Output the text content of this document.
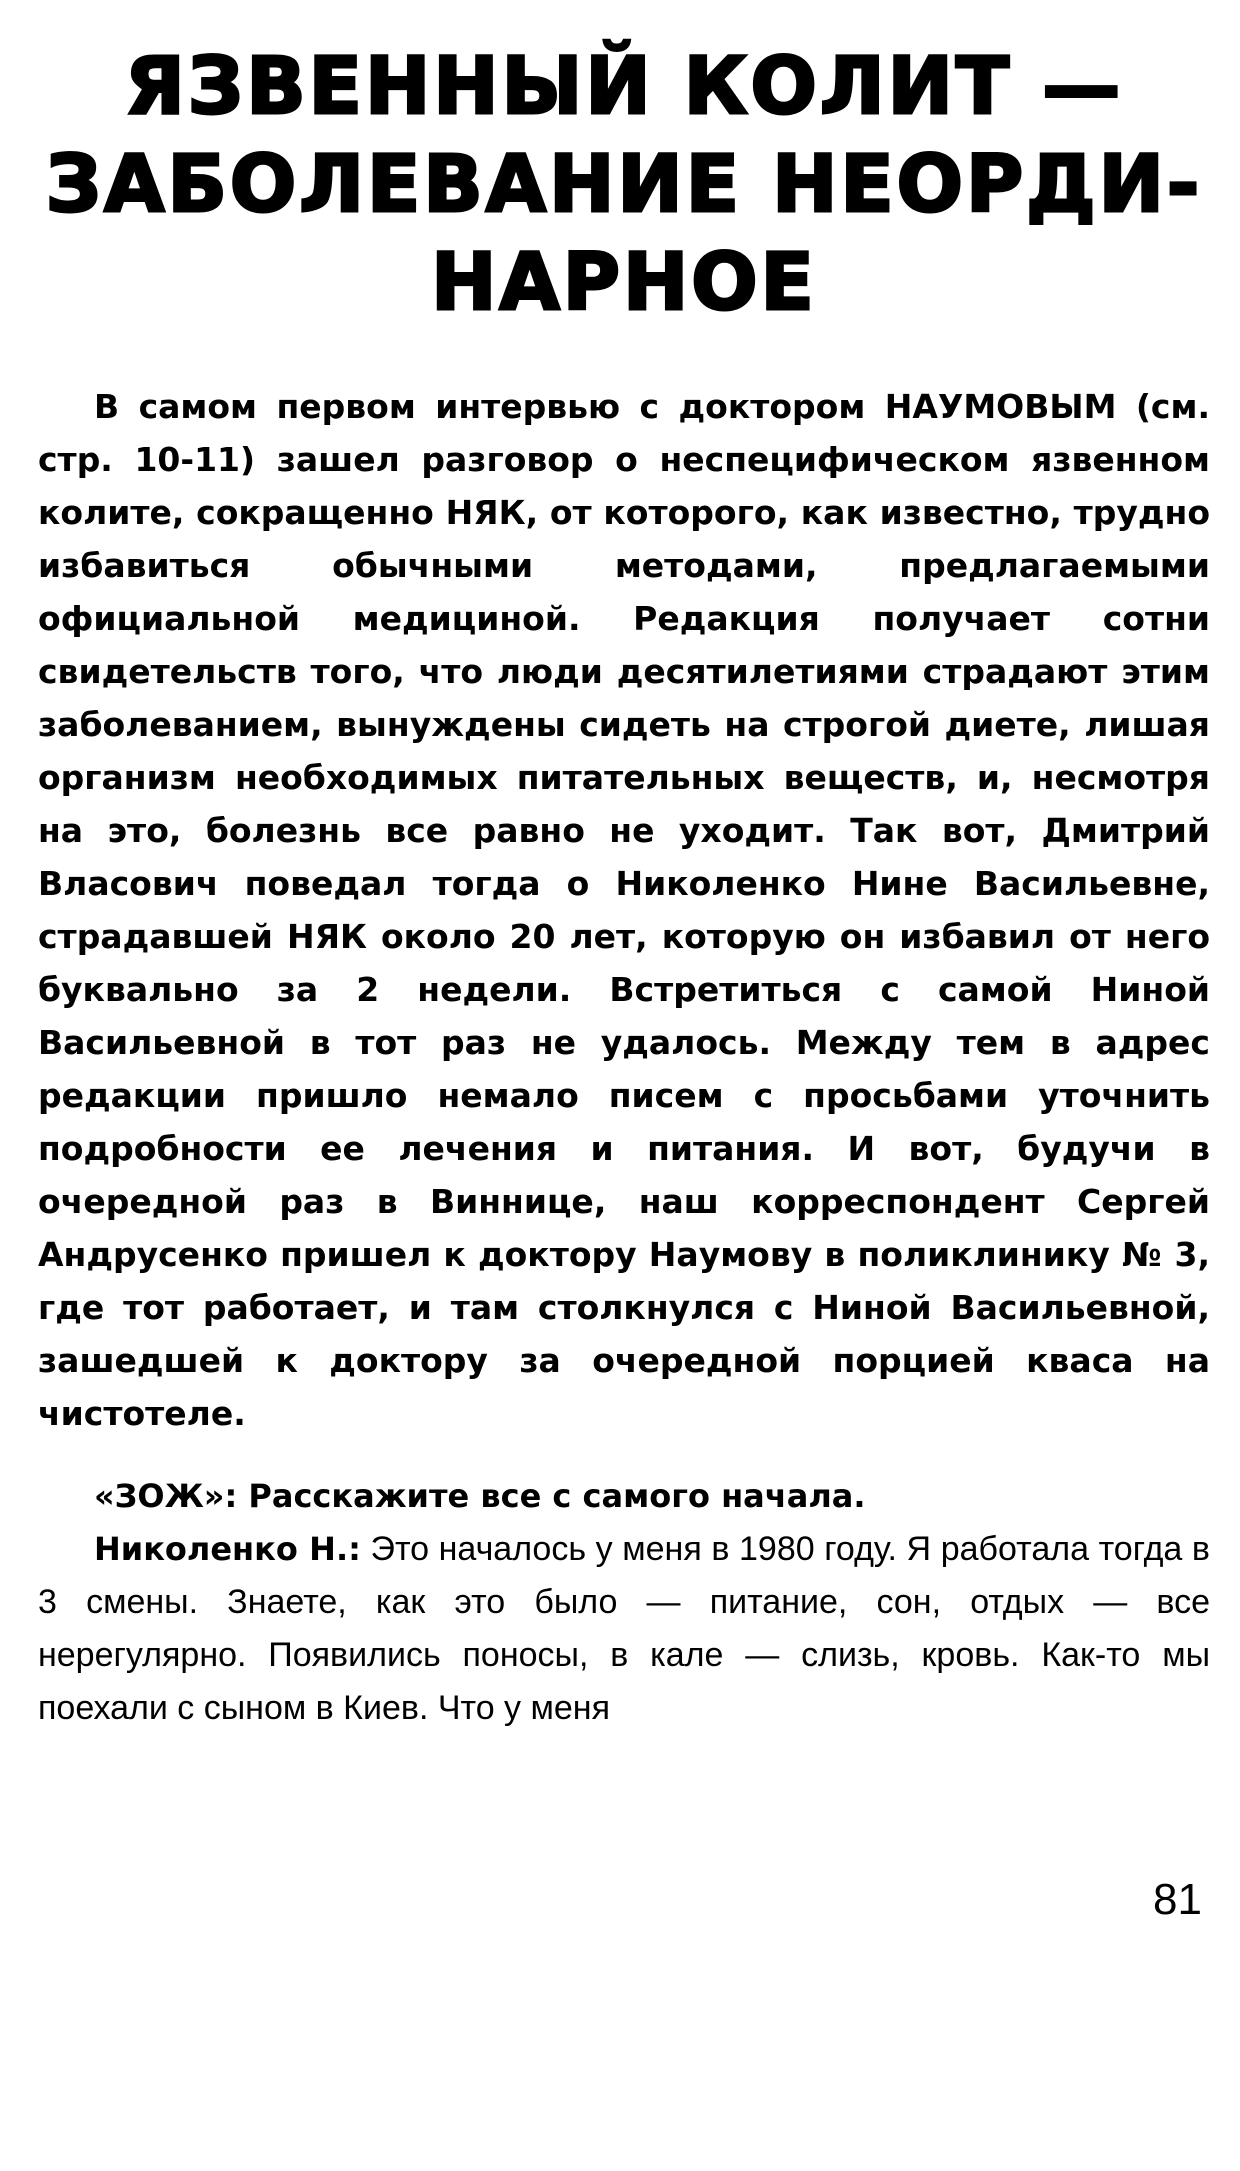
ЯЗВЕННЫЙ КОЛИТ —
ЗАБОЛЕВАНИЕ НЕОРДИ-
НАРНОЕ

В самом первом интервью с доктором НАУМОВЫМ (см. стр. 10-11) зашел разговор о неспецифическом язвенном колите, сокращенно НЯК, от которого, как известно, трудно избавиться обычными методами, предлагаемыми официальной медициной. Редакция получает сотни свидетельств того, что люди десятилетиями страдают этим заболеванием, вынуждены сидеть на строгой диете, лишая организм необходимых питательных веществ, и, несмотря на это, болезнь все равно не уходит. Так вот, Дмитрий Власович поведал тогда о Николенко Нине Васильевне, страдавшей НЯК около 20 лет, которую он избавил от него буквально за 2 недели. Встретиться с самой Ниной Васильевной в тот раз не удалось. Между тем в адрес редакции пришло немало писем с просьбами уточнить подробности ее лечения и питания. И вот, будучи в очередной раз в Виннице, наш корреспондент Сергей Андрусенко пришел к доктору Наумову в поликлинику № 3, где тот работает, и там столкнулся с Ниной Васильевной, зашедшей к доктору за очередной порцией кваса на чистотеле.

«ЗОЖ»: Расскажите все с самого начала.

Николенко Н.: Это началось у меня в 1980 году. Я работала тогда в 3 смены. Знаете, как это было — питание, сон, отдых — все нерегулярно. Появились поносы, в кале — слизь, кровь. Как-то мы поехали с сыном в Киев. Что у меня

81
